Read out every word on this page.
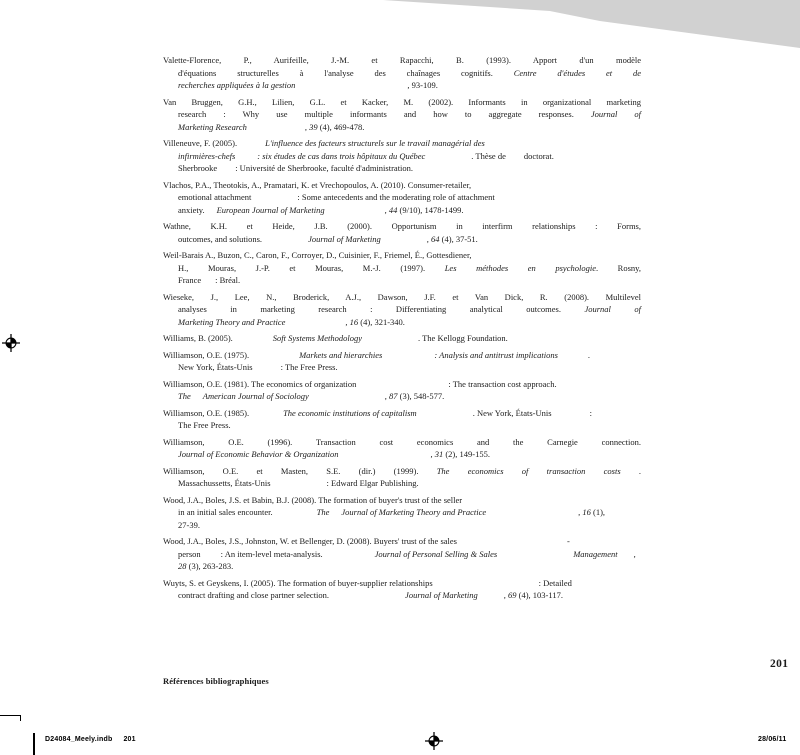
Valette-Florence, P., Aurifeille, J.-M. et Rapacchi, B. (1993). Apport d'un modèle
d'équations structurelles à l'analyse des chaînages cognitifs. Centre d'études et de
recherches appliquées à la gestion	, 93-109.
Van Bruggen, G.H., Lilien, G.L. et Kacker, M. (2002). Informants in organizational marketing
research : Why use multiple informants and how to aggregate responses. Journal of
Marketing Research	, 39 (4), 469-478.
Villeneuve, F. (2005).	L'influence des facteurs structurels sur le travail managérial des
infirmières-chefs	: six études de cas dans trois hôpitaux du Québec	. Thèse de doctorat.
Sherbrooke : Université de Sherbrooke, faculté d'administration.
Vlachos, P.A., Theotokis, A., Pramatari, K. et Vrechopoulos, A. (2010). Consumer-retailer,
emotional attachment	: Some antecedents and the moderating role of attachment
anxiety. European Journal of Marketing	, 44 (9/10), 1478-1499.
Wathne, K.H. et Heide, J.B. (2000). Opportunism in interfirm relationships : Forms,
outcomes, and solutions.	Journal of Marketing	, 64 (4), 37-51.
Weil-Barais A., Buzon, C., Caron, F., Corroyer, D., Cuisinier, F., Friemel, É., Gottesdiener,
H., Mouras, J.-P. et Mouras, M.-J. (1997). Les méthodes en psychologie. Rosny,
France : Bréal.
Wieseke, J., Lee, N., Broderick, A.J., Dawson, J.F. et Van Dick, R. (2008). Multilevel
analyses in marketing research : Differentiating analytical outcomes. Journal of
Marketing Theory and Practice	, 16 (4), 321-340.
Williams, B. (2005).	Soft Systems Methodology	. The Kellogg Foundation.
Williamson, O.E. (1975).	Markets and hierarchies	: Analysis and antitrust implications	.
New York, États-Unis	: The Free Press.
Williamson, O.E. (1981). The economics of organization	: The transaction cost approach.
The American Journal of Sociology	, 87 (3), 548-577.
Williamson, O.E. (1985).	The economic institutions of capitalism	. New York, États-Unis	:
The Free Press.
Williamson, O.E. (1996). Transaction cost economics and the Carnegie connection.
Journal of Economic Behavior & Organization	, 31 (2), 149-155.
Williamson, O.E. et Masten, S.E. (dir.) (1999). The economics of transaction costs .
Massachussetts, États-Unis	: Edward Elgar Publishing.
Wood, J.A., Boles, J.S. et Babin, B.J. (2008). The formation of buyer's trust of the seller
in an initial sales encounter.	The Journal of Marketing Theory and Practice	, 16 (1),
27-39.
Wood, J.A., Boles, J.S., Johnston, W. et Bellenger, D. (2008). Buyers' trust of the sales	-
person : An item-level meta-analysis.	Journal of Personal Selling & Sales	Management ,
28 (3), 263-283.
Wuyts, S. et Geyskens, I. (2005). The formation of buyer-supplier relationships	: Detailed
contract drafting and close partner selection.	Journal of Marketing	, 69 (4), 103-117.
201
Références bibliographiques
D24084_Meely.indb 201	28/06/11
